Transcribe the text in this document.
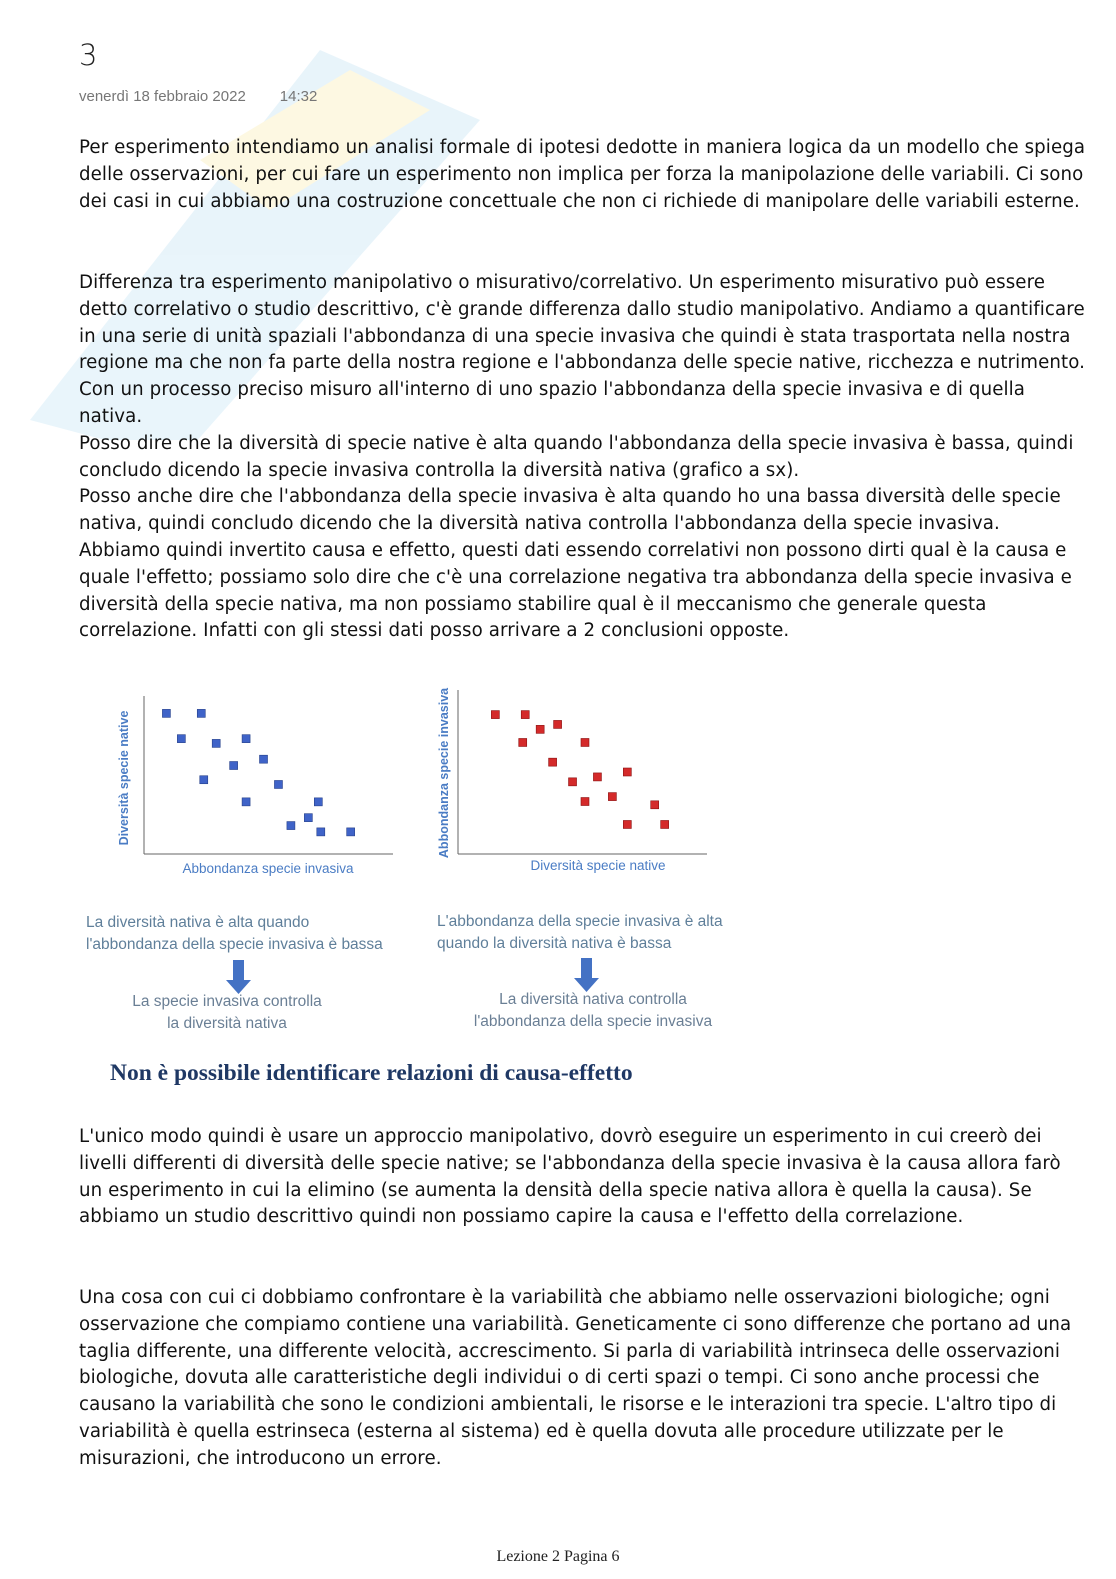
3
venerdì 18 febbraio 2022 14:32

Per esperimento intendiamo un analisi formale di ipotesi dedotte in maniera logica da un modello che spiega delle osservazioni, per cui fare un esperimento non implica per forza la manipolazione delle variabili. Ci sono dei casi in cui abbiamo una costruzione concettuale che non ci richiede di manipolare delle variabili esterne.

Differenza tra esperimento manipolativo o misurativo/correlativo. Un esperimento misurativo può essere detto correlativo o studio descrittivo, c'è grande differenza dallo studio manipolativo. Andiamo a quantificare in una serie di unità spaziali l'abbondanza di una specie invasiva che quindi è stata trasportata nella nostra regione ma che non fa parte della nostra regione e l'abbondanza delle specie native, ricchezza e nutrimento. Con un processo preciso misuro all'interno di uno spazio l'abbondanza della specie invasiva e di quella nativa.
Posso dire che la diversità di specie native è alta quando l'abbondanza della specie invasiva è bassa, quindi concludo dicendo la specie invasiva controlla la diversità nativa (grafico a sx).
Posso anche dire che l'abbondanza della specie invasiva è alta quando ho una bassa diversità delle specie nativa, quindi concludo dicendo che la diversità nativa controlla l'abbondanza della specie invasiva.
Abbiamo quindi invertito causa e effetto, questi dati essendo correlativi non possono dirti qual è la causa e quale l'effetto; possiamo solo dire che c'è una correlazione negativa tra abbondanza della specie invasiva e diversità della specie nativa, ma non possiamo stabilire qual è il meccanismo che generale questa correlazione. Infatti con gli stessi dati posso arrivare a 2 conclusioni opposte.

Diversità specie native
Abbondanza specie invasiva
Abbondanza specie invasiva
Diversità specie native
La diversità nativa è alta quando
l'abbondanza della specie invasiva è bassa
L'abbondanza della specie invasiva è alta
quando la diversità nativa è bassa
La specie invasiva controlla
la diversità nativa
La diversità nativa controlla
l'abbondanza della specie invasiva
Non è possibile identificare relazioni di causa-effetto

L'unico modo quindi è usare un approccio manipolativo, dovrò eseguire un esperimento in cui creerò dei livelli differenti di diversità delle specie native; se l'abbondanza della specie invasiva è la causa allora farò un esperimento in cui la elimino (se aumenta la densità della specie nativa allora è quella la causa). Se abbiamo un studio descrittivo quindi non possiamo capire la causa e l'effetto della correlazione.

Una cosa con cui ci dobbiamo confrontare è la variabilità che abbiamo nelle osservazioni biologiche; ogni osservazione che compiamo contiene una variabilità. Geneticamente ci sono differenze che portano ad una taglia differente, una differente velocità, accrescimento. Si parla di variabilità intrinseca delle osservazioni biologiche, dovuta alle caratteristiche degli individui o di certi spazi o tempi. Ci sono anche processi che causano la variabilità che sono le condizioni ambientali, le risorse e le interazioni tra specie. L'altro tipo di variabilità è quella estrinseca (esterna al sistema) ed è quella dovuta alle procedure utilizzate per le misurazioni, che introducono un errore.

Lezione 2 Pagina 6
